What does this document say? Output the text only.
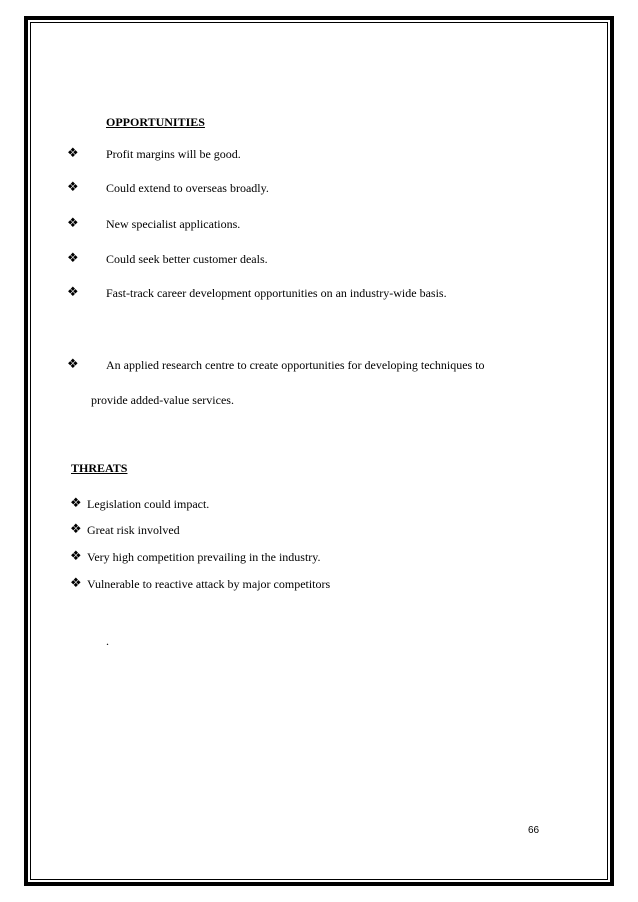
OPPORTUNITIES
❖ Profit margins will be good.
❖ Could extend to overseas broadly.
❖ New specialist applications.
❖ Could seek better customer deals.
❖ Fast-track career development opportunities on an industry-wide basis.
❖ An applied research centre to create opportunities for developing techniques to
provide added-value services.
THREATS
❖ Legislation could impact.
❖ Great risk involved
❖ Very high competition prevailing in the industry.
❖ Vulnerable to reactive attack by major competitors
.
66
